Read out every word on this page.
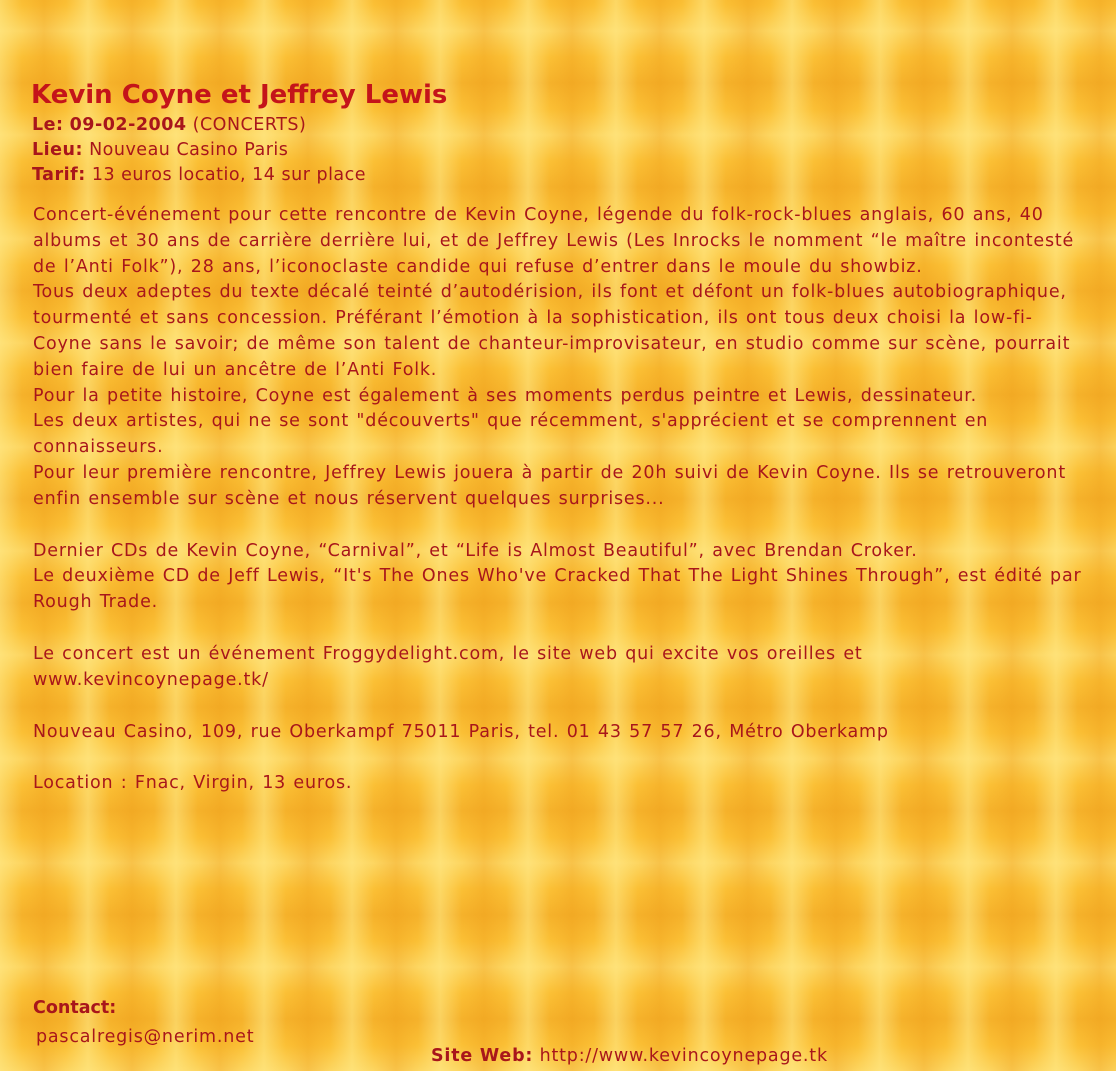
Kevin Coyne et Jeffrey Lewis
Le: 09-02-2004 (CONCERTS)
Lieu: Nouveau Casino Paris
Tarif: 13 euros locatio, 14 sur place

Concert-événement pour cette rencontre de Kevin Coyne, légende du folk-rock-blues anglais, 60 ans, 40 albums et 30 ans de carrière derrière lui, et de Jeffrey Lewis (Les Inrocks le nomment “le maître incontesté de l’Anti Folk”), 28 ans, l’iconoclaste candide qui refuse d’entrer dans le moule du showbiz.

Tous deux adeptes du texte décalé teinté d’autodérision, ils font et défont un folk-blues autobiographique, tourmenté et sans concession. Préférant l’émotion à la sophistication, ils ont tous deux choisi la low-fi- Coyne sans le savoir; de même son talent de chanteur-improvisateur, en studio comme sur scène, pourrait bien faire de lui un ancêtre de l’Anti Folk.

Pour la petite histoire, Coyne est également à ses moments perdus peintre et Lewis, dessinateur.

Les deux artistes, qui ne se sont "découverts" que récemment, s'apprécient et se comprennent en connaisseurs.

Pour leur première rencontre, Jeffrey Lewis jouera à partir de 20h suivi de Kevin Coyne. Ils se retrouveront enfin ensemble sur scène et nous réservent quelques surprises...

Dernier CDs de Kevin Coyne, “Carnival”, et “Life is Almost Beautiful”, avec Brendan Croker.

Le deuxième CD de Jeff Lewis, “It's The Ones Who've Cracked That The Light Shines Through”, est édité par Rough Trade.

Le concert est un événement Froggydelight.com, le site web qui excite vos oreilles et www.kevincoynepage.tk/

Nouveau Casino, 109, rue Oberkampf 75011 Paris, tel. 01 43 57 57 26, Métro Oberkamp

Location : Fnac, Virgin, 13 euros.

Contact:
pascalregis@nerim.net
Site Web: http://www.kevincoynepage.tk
